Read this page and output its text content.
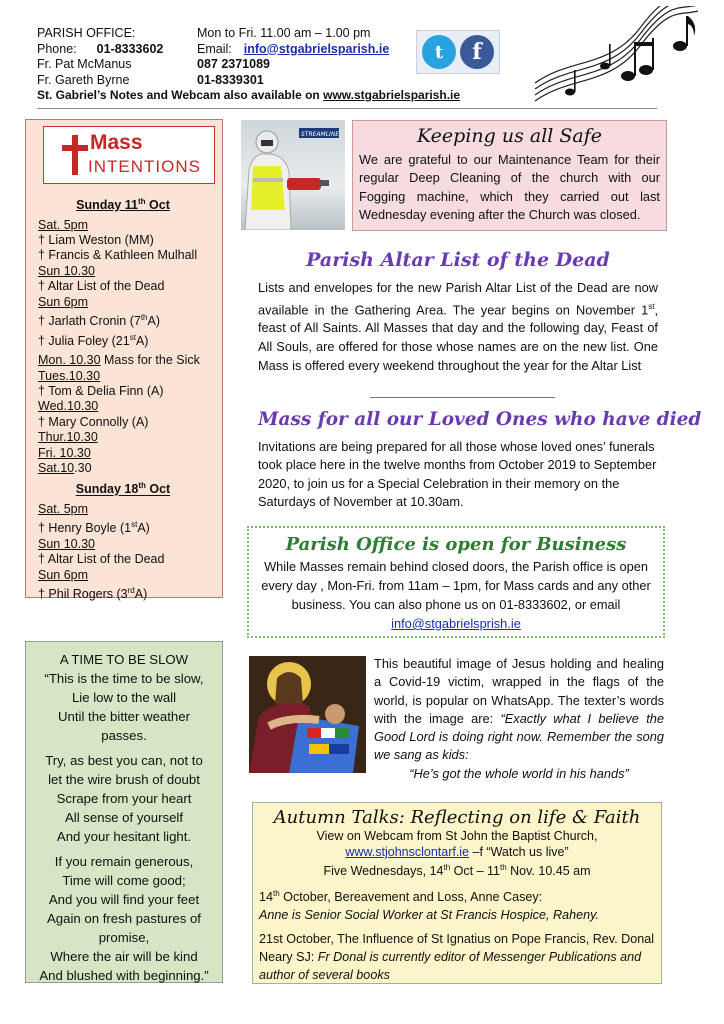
PARISH OFFICE:	Mon to Fri. 11.00 am – 1.00 pm
Phone: 01-8333602	Email: info@stgabrielsparish.ie
Fr. Pat McManus	087 2371089
Fr. Gareth Byrne	01-8339301
St. Gabriel’s Notes and Webcam also available on www.stgabrielsparish.ie
t	f
Mass
INTENTIONS
Sunday 11th Oct
Sat. 5pm
† Liam Weston (MM)
† Francis & Kathleen Mulhall
Sun 10.30
† Altar List of the Dead
Sun 6pm
† Jarlath Cronin (7thA)
† Julia Foley (21stA)
Mon. 10.30 Mass for the Sick
Tues.10.30
† Tom & Delia Finn (A)
Wed.10.30
† Mary Connolly (A)
Thur.10.30
Fri. 10.30
Sat.10.30
Sunday 18th Oct
Sat. 5pm
† Henry Boyle (1stA)
Sun 10.30
† Altar List of the Dead
Sun 6pm
† Phil Rogers (3rdA)
A TIME TO BE SLOW
“This is the time to be slow,
Lie low to the wall
Until the bitter weather
passes.
Try, as best you can, not to
let the wire brush of doubt
Scrape from your heart
All sense of yourself
And your hesitant light.
If you remain generous,
Time will come good;
And you will find your feet
Again on fresh pastures of
promise,
Where the air will be kind
And blushed with beginning.”
STREAMLINE	Keeping us all Safe
We are grateful to our Maintenance Team for their regular Deep Cleaning of the church with our Fogging machine, which they carried out last Wednesday evening after the Church was closed.
Parish Altar List of the Dead
Lists and envelopes for the new Parish Altar List of the Dead are now available in the Gathering Area. The year begins on November 1st, feast of All Saints. All Masses that day and the following day, Feast of All Souls, are offered for those whose names are on the new list. One Mass is offered every weekend throughout the year for the Altar List
Mass for all our Loved Ones who have died
Invitations are being prepared for all those whose loved ones’ funerals took place here in the twelve months from October 2019 to September 2020, to join us for a Special Celebration in their memory on the Saturdays of November at 10.30am.
Parish Office is open for Business
While Masses remain behind closed doors, the Parish office is open every day , Mon-Fri. from 11am – 1pm, for Mass cards and any other business. You can also phone us on 01-8333602, or email info@stgabrielsprish.ie
This beautiful image of Jesus holding and healing a Covid-19 victim, wrapped in the flags of the world, is popular on WhatsApp. The texter’s words with the image are: “Exactly what I believe the Good Lord is doing right now. Remember the song we sang as kids:
“He’s got the whole world in his hands”
Autumn Talks: Reflecting on life & Faith
View on Webcam from St John the Baptist Church,
www.stjohnsclontarf.ie –f “Watch us live”
Five Wednesdays, 14th Oct – 11th Nov. 10.45 am
14th October, Bereavement and Loss, Anne Casey:
Anne is Senior Social Worker at St Francis Hospice, Raheny.
21st October, The Influence of St Ignatius on Pope Francis, Rev. Donal Neary SJ: Fr Donal is currently editor of Messenger Publications and author of several books
